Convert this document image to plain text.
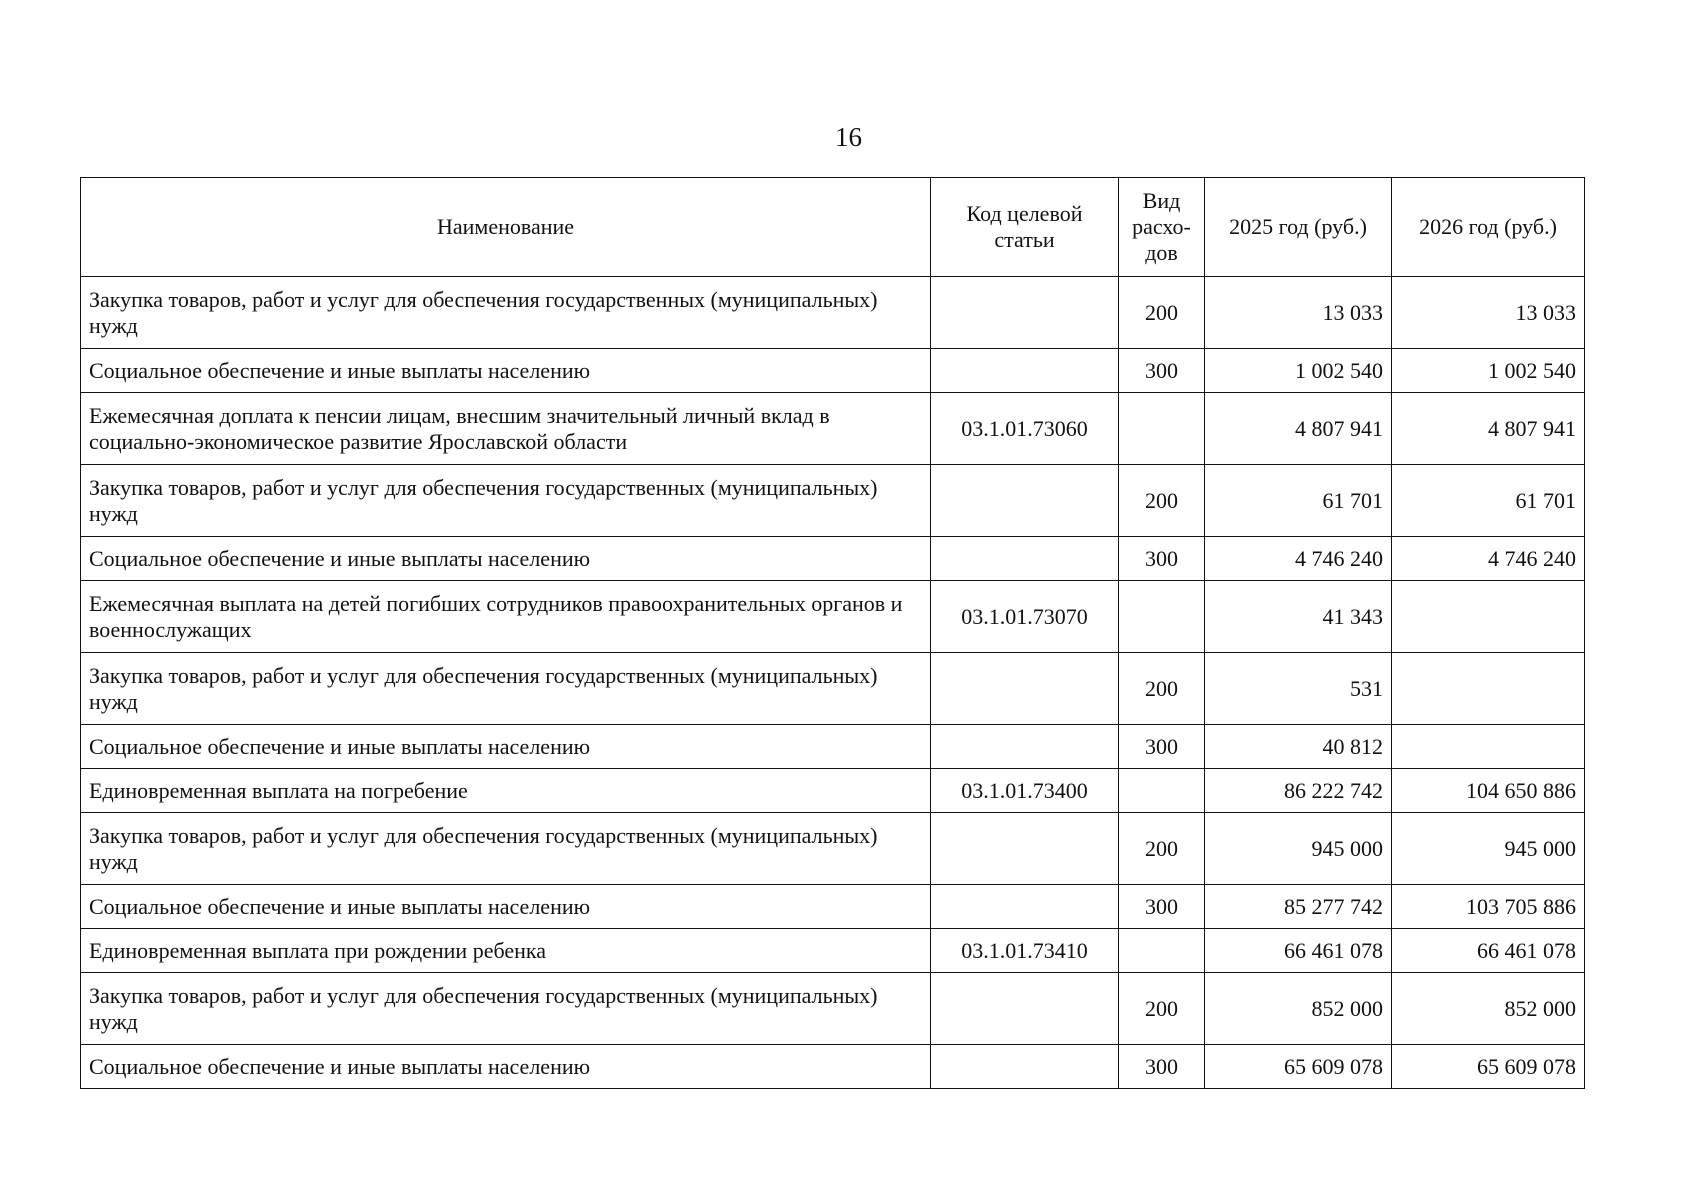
16
Наименование	Код целевой статьи	Вид расхо-дов	2025 год (руб.)	2026 год (руб.)
Закупка товаров, работ и услуг для обеспечения государственных (муниципальных) нужд		200	13 033	13 033
Социальное обеспечение и иные выплаты населению		300	1 002 540	1 002 540
Ежемесячная доплата к пенсии лицам, внесшим значительный личный вклад в социально-экономическое развитие Ярославской области	03.1.01.73060		4 807 941	4 807 941
Закупка товаров, работ и услуг для обеспечения государственных (муниципальных) нужд		200	61 701	61 701
Социальное обеспечение и иные выплаты населению		300	4 746 240	4 746 240
Ежемесячная выплата на детей погибших сотрудников правоохранительных органов и военнослужащих	03.1.01.73070		41 343	
Закупка товаров, работ и услуг для обеспечения государственных (муниципальных) нужд		200	531	
Социальное обеспечение и иные выплаты населению		300	40 812	
Единовременная выплата на погребение	03.1.01.73400		86 222 742	104 650 886
Закупка товаров, работ и услуг для обеспечения государственных (муниципальных) нужд		200	945 000	945 000
Социальное обеспечение и иные выплаты населению		300	85 277 742	103 705 886
Единовременная выплата при рождении ребенка	03.1.01.73410		66 461 078	66 461 078
Закупка товаров, работ и услуг для обеспечения государственных (муниципальных) нужд		200	852 000	852 000
Социальное обеспечение и иные выплаты населению		300	65 609 078	65 609 078
